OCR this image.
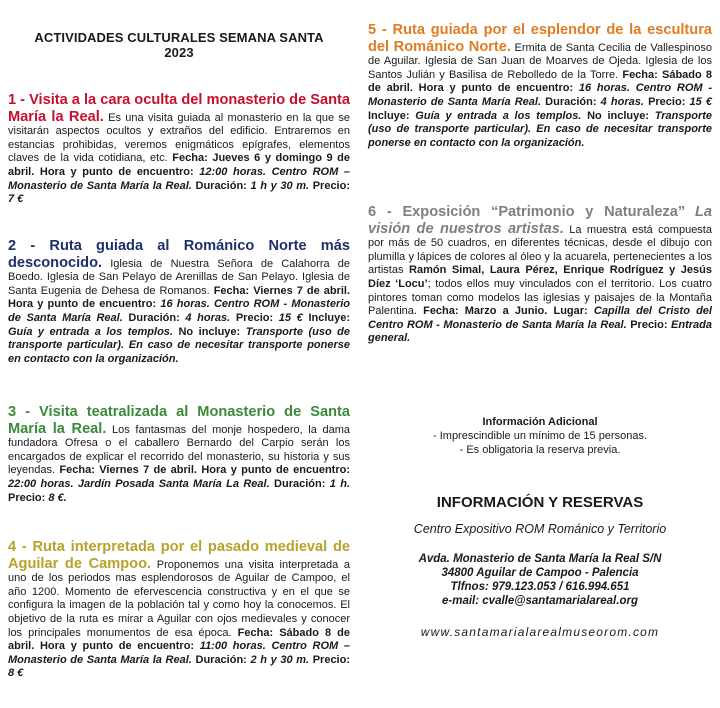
ACTIVIDADES CULTURALES SEMANA SANTA
2023
1 - Visita a la cara oculta del monasterio de Santa María la Real. Es una visita guiada al monasterio en la que se visitarán aspectos ocultos y extraños del edificio. Entraremos en estancias prohibidas, veremos enigmáticos epígrafes, elementos claves de la vida cotidiana, etc. Fecha: Jueves 6 y domingo 9 de abril. Hora y punto de encuentro: 12:00 horas. Centro ROM – Monasterio de Santa María la Real. Duración: 1 h y 30 m. Precio: 7 €
2 - Ruta guiada al Románico Norte más desconocido. Iglesia de Nuestra Señora de Calahorra de Boedo. Iglesia de San Pelayo de Arenillas de San Pelayo. Iglesia de Santa Eugenia de Dehesa de Romanos. Fecha: Viernes 7 de abril. Hora y punto de encuentro: 16 horas. Centro ROM - Monasterio de Santa María Real. Duración: 4 horas. Precio: 15 € Incluye: Guía y entrada a los templos. No incluye: Transporte (uso de transporte particular). En caso de necesitar transporte ponerse en contacto con la organización.
3 - Visita teatralizada al Monasterio de Santa María la Real. Los fantasmas del monje hospedero, la dama fundadora Ofresa o el caballero Bernardo del Carpio serán los encargados de explicar el recorrido del monasterio, su historia y sus leyendas. Fecha: Viernes 7 de abril. Hora y punto de encuentro: 22:00 horas. Jardín Posada Santa María La Real. Duración: 1 h. Precio: 8 €.
4 - Ruta interpretada por el pasado medieval de Aguilar de Campoo. Proponemos una visita interpretada a uno de los periodos mas esplendorosos de Aguilar de Campoo, el año 1200. Momento de efervescencia constructiva y en el que se configura la imagen de la población tal y como hoy la conocemos. El objetivo de la ruta es mirar a Aguilar con ojos medievales y conocer los principales monumentos de esa época. Fecha: Sábado 8 de abril. Hora y punto de encuentro: 11:00 horas. Centro ROM – Monasterio de Santa María la Real. Duración: 2 h y 30 m. Precio: 8 €
5 - Ruta guiada por el esplendor de la escultura del Románico Norte. Ermita de Santa Cecilia de Vallespinoso de Aguilar. Iglesia de San Juan de Moarves de Ojeda. Iglesia de los Santos Julián y Basilisa de Rebolledo de la Torre. Fecha: Sábado 8 de abril. Hora y punto de encuentro: 16 horas. Centro ROM - Monasterio de Santa María Real. Duración: 4 horas. Precio: 15 € Incluye: Guía y entrada a los templos. No incluye: Transporte (uso de transporte particular). En caso de necesitar transporte ponerse en contacto con la organización.
6 - Exposición “Patrimonio y Naturaleza” La visión de nuestros artistas. La muestra está compuesta por más de 50 cuadros, en diferentes técnicas, desde el dibujo con plumilla y lápices de colores al óleo y la acuarela, pertenecientes a los artistas Ramón Simal, Laura Pérez, Enrique Rodríguez y Jesús Díez ‘Locu’; todos ellos muy vinculados con el territorio. Los cuatro pintores toman como modelos las iglesias y paisajes de la Montaña Palentina. Fecha: Marzo a Junio. Lugar: Capilla del Cristo del Centro ROM - Monasterio de Santa María la Real. Precio: Entrada general.
Información Adicional
- Imprescindible un mínimo de 15 personas.
- Es obligatoria la reserva previa.
INFORMACIÓN Y RESERVAS
Centro Expositivo ROM Románico y Territorio
Avda. Monasterio de Santa María la Real S/N
34800 Aguilar de Campoo - Palencia
Tlfnos: 979.123.053 / 616.994.651
e-mail: cvalle@santamarialareal.org
www.santamarialarealmuseorom.com
